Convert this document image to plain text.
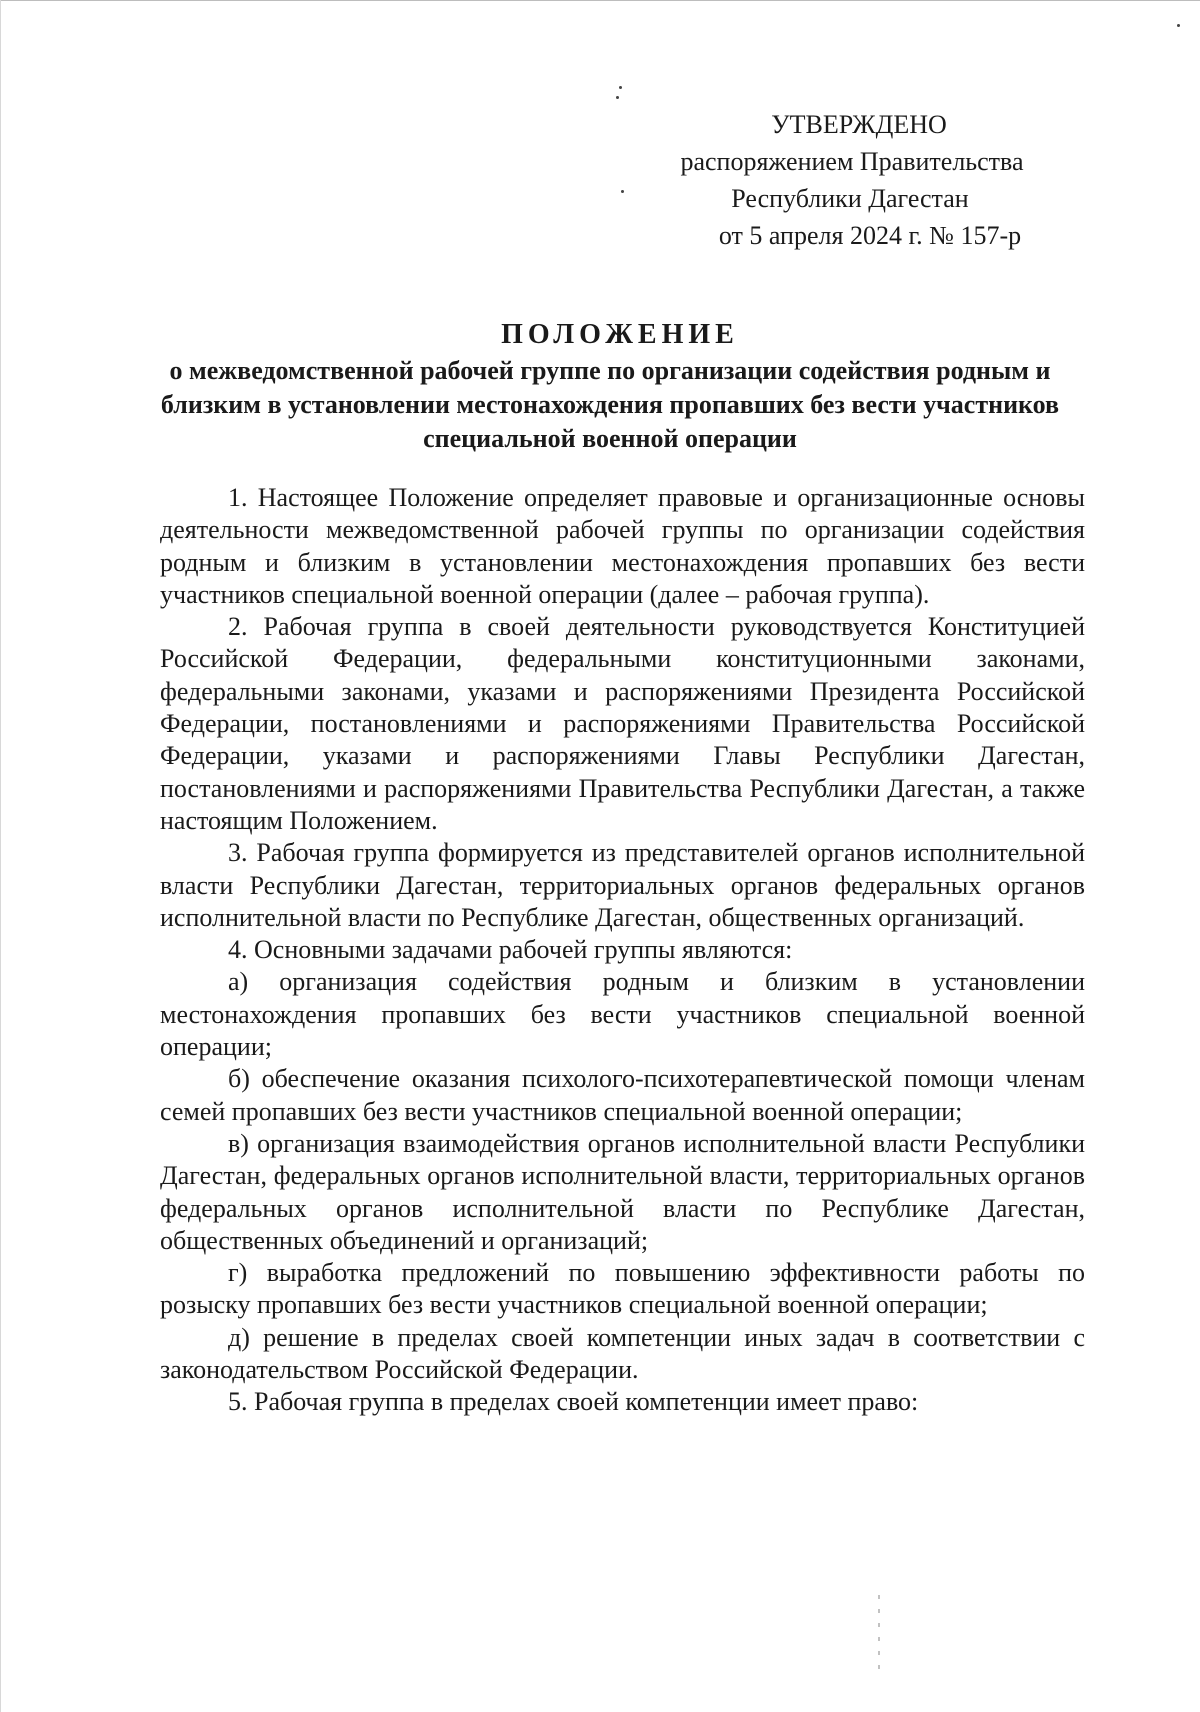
УТВЕРЖДЕНО
распоряжением Правительства
Республики Дагестан
от 5 апреля 2024 г. № 157-р
ПОЛОЖЕНИЕ
о межведомственной рабочей группе по организации содействия родным и близким в установлении местонахождения пропавших без вести участников специальной военной операции

1. Настоящее Положение определяет правовые и организационные основы деятельности межведомственной рабочей группы по организации содействия родным и близким в установлении местонахождения пропавших без вести участников специальной военной операции (далее – рабочая группа).

2. Рабочая группа в своей деятельности руководствуется Конституцией Российской Федерации, федеральными конституционными законами, федеральными законами, указами и распоряжениями Президента Российской Федерации, постановлениями и распоряжениями Правительства Российской Федерации, указами и распоряжениями Главы Республики Дагестан, постановлениями и распоряжениями Правительства Республики Дагестан, а также настоящим Положением.

3. Рабочая группа формируется из представителей органов исполнительной власти Республики Дагестан, территориальных органов федеральных органов исполнительной власти по Республике Дагестан, общественных организаций.

4. Основными задачами рабочей группы являются:

а) организация содействия родным и близким в установлении местонахождения пропавших без вести участников специальной военной операции;

б) обеспечение оказания психолого-психотерапевтической помощи членам семей пропавших без вести участников специальной военной операции;

в) организация взаимодействия органов исполнительной власти Республики Дагестан, федеральных органов исполнительной власти, территориальных органов федеральных органов исполнительной власти по Республике Дагестан, общественных объединений и организаций;

г) выработка предложений по повышению эффективности работы по розыску пропавших без вести участников специальной военной операции;

д) решение в пределах своей компетенции иных задач в соответствии с законодательством Российской Федерации.

5. Рабочая группа в пределах своей компетенции имеет право:
